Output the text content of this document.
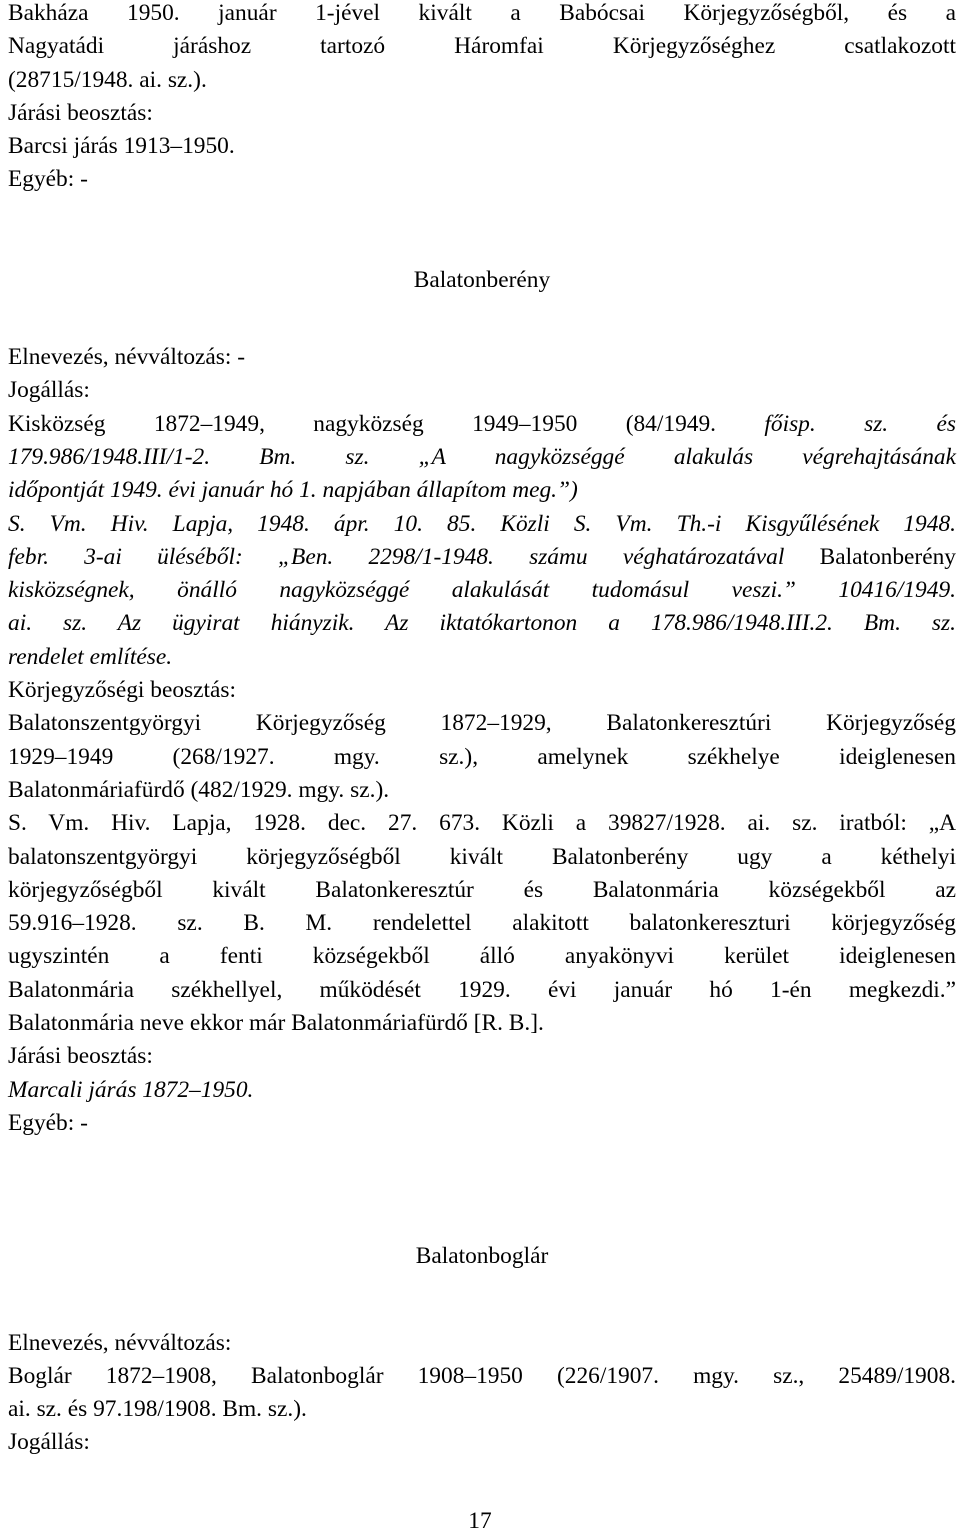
Bakháza 1950. január 1-jével kivált a Babócsai Körjegyzőségből, és a

Nagyatádi járáshoz tartozó Háromfai Körjegyzőséghez csatlakozott

(28715/1948. ai. sz.).

Járási beosztás:

Barcsi járás 1913–1950.

Egyéb: -

Balatonberény

Elnevezés, névváltozás: -

Jogállás:

Kisközség 1872–1949, nagyközség 1949–1950 (84/1949. főisp. sz. és

179.986/1948.III/1-2. Bm. sz. „A nagyközséggé alakulás végrehajtásának

időpontját 1949. évi január hó 1. napjában állapítom meg.”)

S. Vm. Hiv. Lapja, 1948. ápr. 10. 85. Közli S. Vm. Th.-i Kisgyűlésének 1948.

febr. 3-ai üléséből: „Ben. 2298/1-1948. számu véghatározatával Balatonberény

kisközségnek, önálló nagyközséggé alakulását tudomásul veszi.” 10416/1949.

ai. sz. Az ügyirat hiányzik. Az iktatókartonon a 178.986/1948.III.2. Bm. sz.

rendelet említése.

Körjegyzőségi beosztás:

Balatonszentgyörgyi Körjegyzőség 1872–1929, Balatonkeresztúri Körjegyzőség

1929–1949 (268/1927. mgy. sz.), amelynek székhelye ideiglenesen

Balatonmáriafürdő (482/1929. mgy. sz.).

S. Vm. Hiv. Lapja, 1928. dec. 27. 673. Közli a 39827/1928. ai. sz. iratból: „A

balatonszentgyörgyi körjegyzőségből kivált Balatonberény ugy a kéthelyi

körjegyzőségből kivált Balatonkeresztúr és Balatonmária községekből az

59.916–1928. sz. B. M. rendelettel alakitott balatonkereszturi körjegyzőség

ugyszintén a fenti községekből álló anyakönyvi kerület ideiglenesen

Balatonmária székhellyel, működését 1929. évi január hó 1-én megkezdi.”

Balatonmária neve ekkor már Balatonmáriafürdő [R. B.].

Járási beosztás:

Marcali járás 1872–1950.

Egyéb: -

Balatonboglár

Elnevezés, névváltozás:

Boglár 1872–1908, Balatonboglár 1908–1950 (226/1907. mgy. sz., 25489/1908.

ai. sz. és 97.198/1908. Bm. sz.).

Jogállás:

17
